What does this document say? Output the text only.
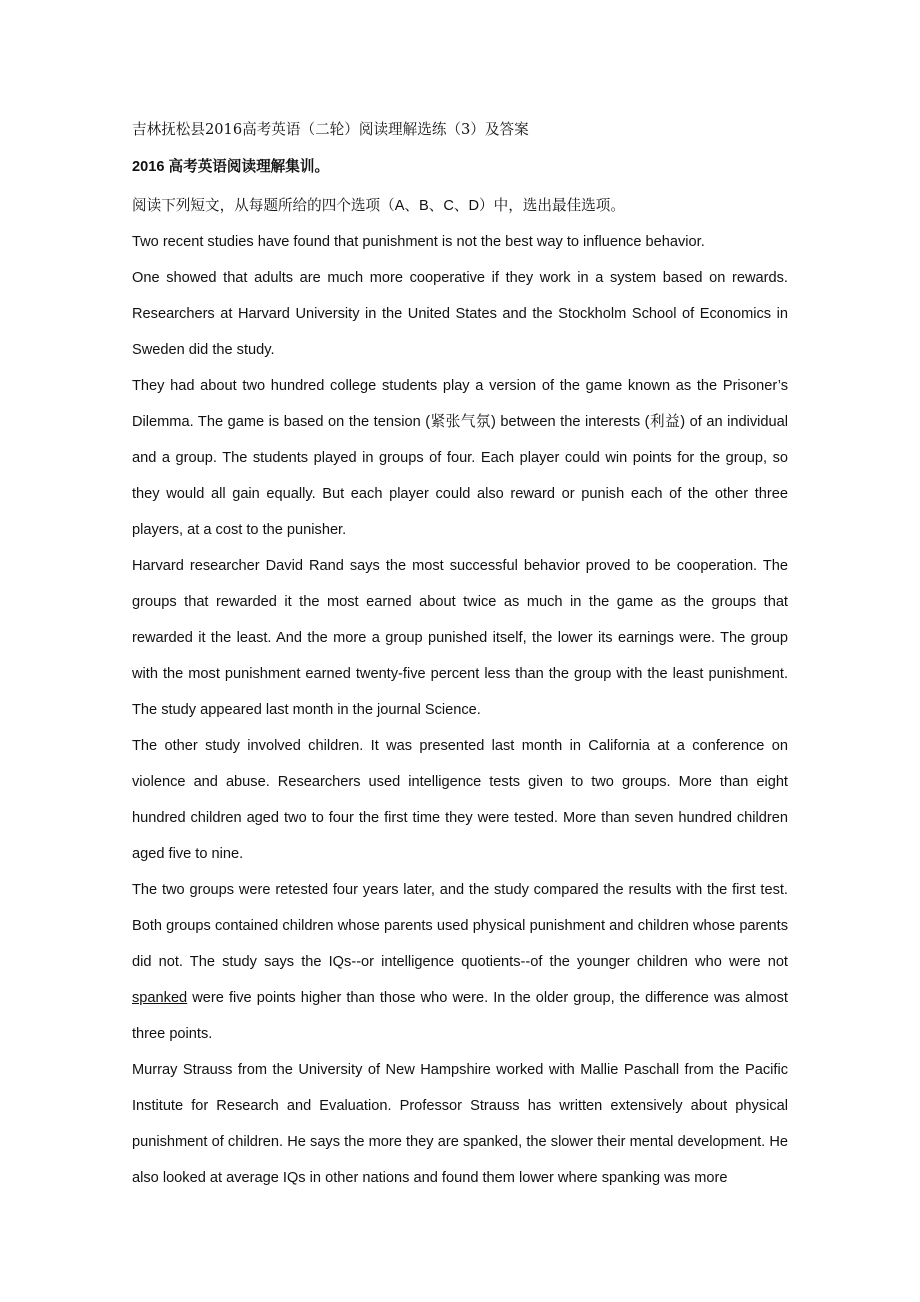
吉林抚松县2016高考英语（二轮）阅读理解选练（3）及答案

2016 高考英语阅读理解集训。

阅读下列短文，从每题所给的四个选项（A、B、C、D）中，选出最佳选项。

Two recent studies have found that punishment is not the best way to influence behavior.

One showed that adults are much more cooperative if they work in a system based on rewards. Researchers at Harvard University in the United States and the Stockholm School of Economics in Sweden did the study.

They had about two hundred college students play a version of the game known as the Prisoner’s Dilemma. The game is based on the tension (紧张气氛) between the interests (利益) of an individual and a group. The students played in groups of four. Each player could win points for the group, so they would all gain equally. But each player could also reward or punish each of the other three players, at a cost to the punisher.

Harvard researcher David Rand says the most successful behavior proved to be cooperation. The groups that rewarded it the most earned about twice as much in the game as the groups that rewarded it the least. And the more a group punished itself, the lower its earnings were. The group with the most punishment earned twenty-five percent less than the group with the least punishment. The study appeared last month in the journal Science.

The other study involved children. It was presented last month in California at a conference on violence and abuse. Researchers used intelligence tests given to two groups. More than eight hundred children aged two to four the first time they were tested. More than seven hundred children aged five to nine.

The two groups were retested four years later, and the study compared the results with the first test. Both groups contained children whose parents used physical punishment and children whose parents did not. The study says the IQs--or intelligence quotients--of the younger children who were not spanked were five points higher than those who were. In the older group, the difference was almost three points.

Murray Strauss from the University of New Hampshire worked with Mallie Paschall from the Pacific Institute for Research and Evaluation. Professor Strauss has written extensively about physical punishment of children. He says the more they are spanked, the slower their mental development. He also looked at average IQs in other nations and found them lower where spanking was more
